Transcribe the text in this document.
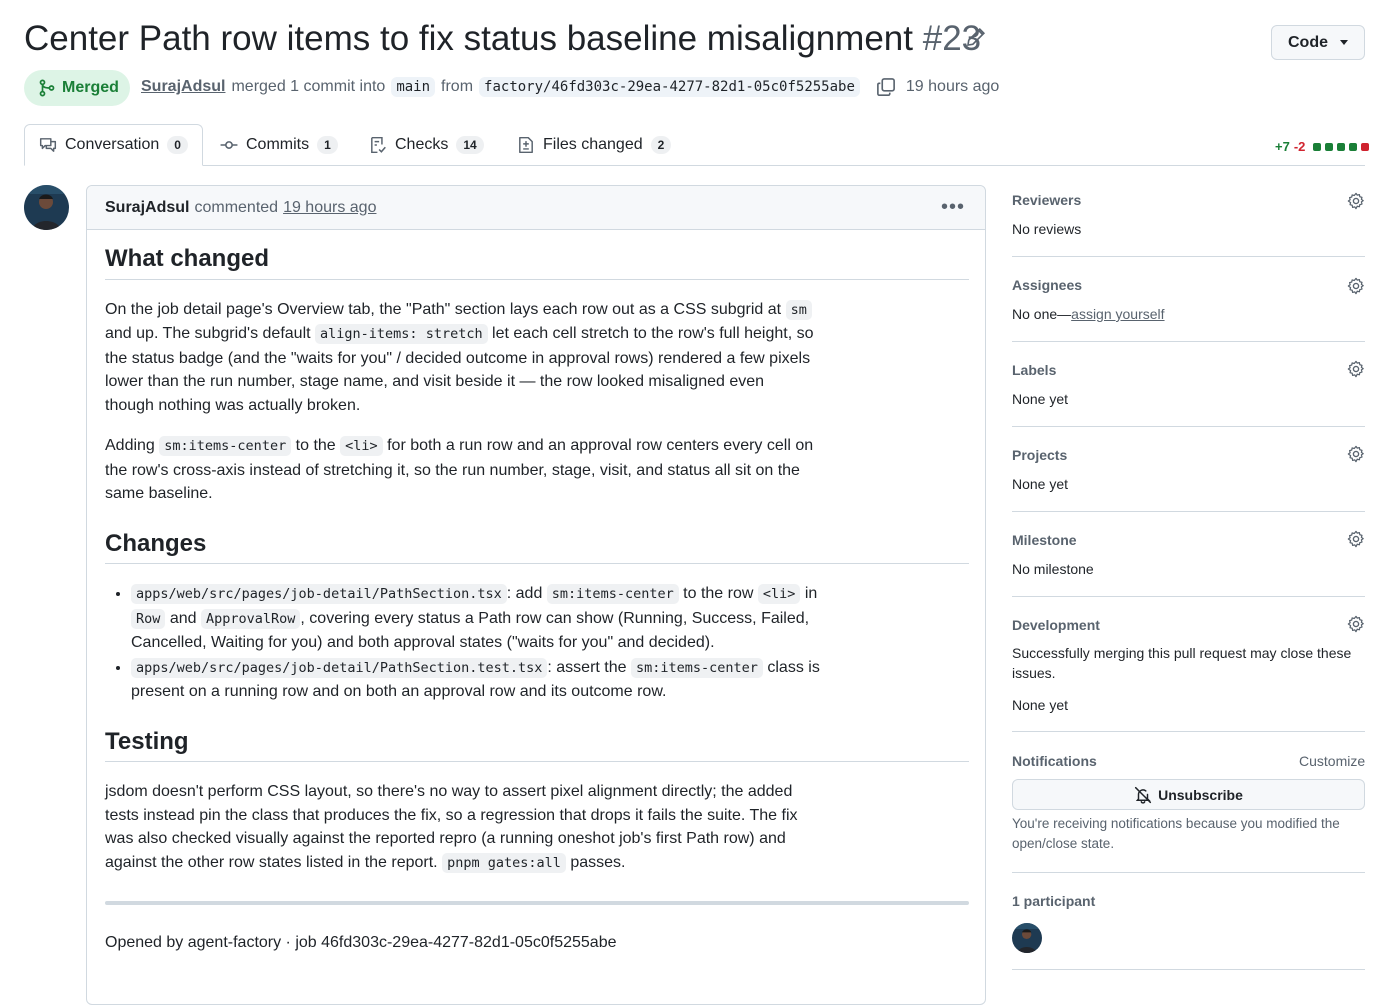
Center Path row items to fix status baseline misalignment #23	Code
Merged SurajAdsul merged 1 commit into main from factory/46fd303c-29ea-4277-82d1-05c0f5255abe	19 hours ago
Conversation	0	Commits	1	Checks	14	Files changed	2	+7 -2
SurajAdsul commented 19 hours ago	•••
What changed

On the job detail page's Overview tab, the "Path" section lays each row out as a CSS subgrid at sm and up. The subgrid's default align-items: stretch let each cell stretch to the row's full height, so the status badge (and the "waits for you" / decided outcome in approval rows) rendered a few pixels lower than the run number, stage name, and visit beside it — the row looked misaligned even though nothing was actually broken.

Adding sm:items-center to the <li> for both a run row and an approval row centers every cell on the row's cross-axis instead of stretching it, so the run number, stage, visit, and status all sit on the same baseline.

Changes
• apps/web/src/pages/job-detail/PathSection.tsx : add sm:items-center to the row <li> in Row and ApprovalRow , covering every status a Path row can show (Running, Success, Failed, Cancelled, Waiting for you) and both approval states ("waits for you" and decided).
• apps/web/src/pages/job-detail/PathSection.test.tsx : assert the sm:items-center class is present on a running row and on both an approval row and its outcome row.
Testing

jsdom doesn't perform CSS layout, so there's no way to assert pixel alignment directly; the added tests instead pin the class that produces the fix, so a regression that drops it fails the suite. The fix was also checked visually against the reported repro (a running oneshot job's first Path row) and against the other row states listed in the report. pnpm gates:all passes.

Opened by agent-factory · job 46fd303c-29ea-4277-82d1-05c0f5255abe

Reviewers
No reviews
Assignees
No one—assign yourself
Labels
None yet
Projects
None yet
Milestone
No milestone
Development
Successfully merging this pull request may close these issues.
None yet
Notifications	Customize
Unsubscribe
You're receiving notifications because you modified the open/close state.
1 participant
